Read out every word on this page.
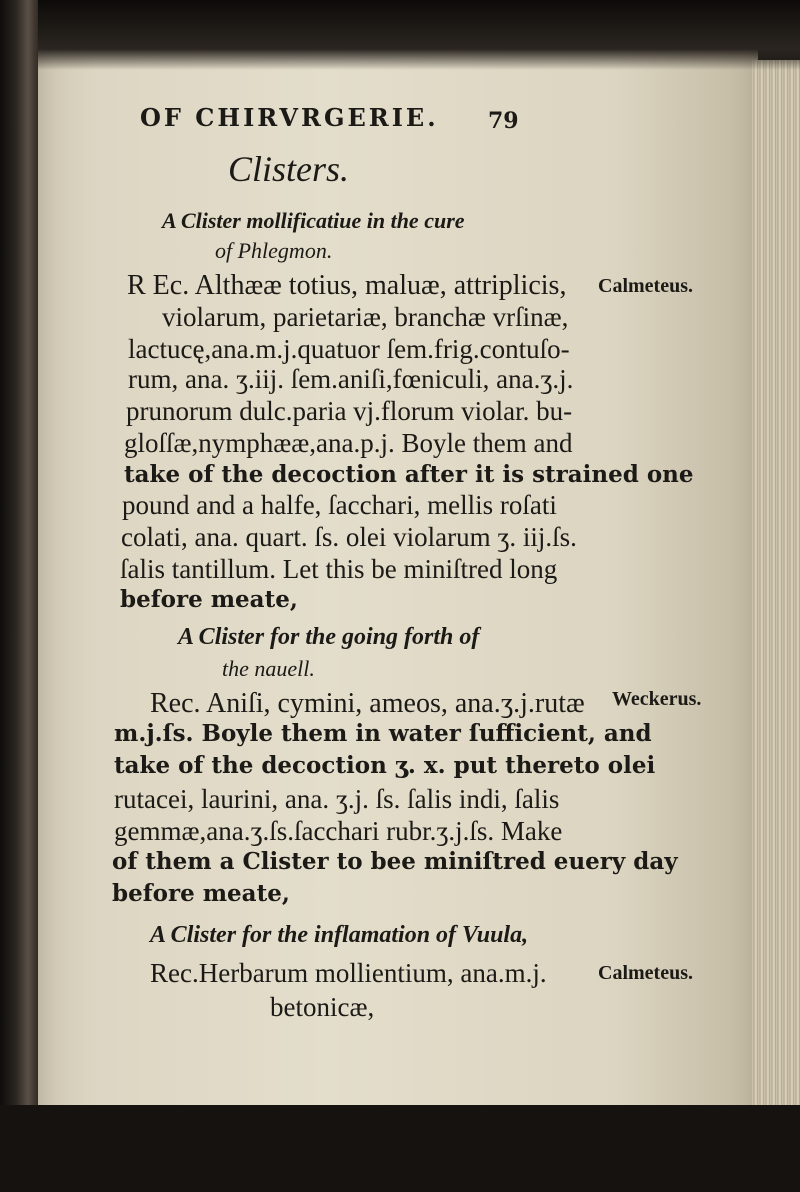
OF CHIRVRGERIE. 79
Clisters.
A Clister mollificatiue in the cure
of Phlegmon.
R Ec. Althææ totius, maluæ, attriplicis,
violarum, parietariæ, branchæ vrſinæ,
lactucę,ana.m.j.quatuor ſem.frig.contuſo-
rum, ana. ʒ.iij. ſem.aniſi,fœniculi, ana.ʒ.j.
prunorum dulc.paria vj.florum violar. bu-
gloſſæ,nymphææ,ana.p.j. Boyle them and
take of the decoction after it is strained one
pound and a halfe, ſacchari, mellis roſati
colati, ana. quart. ſs. olei violarum ʒ. iij.ſs.
ſalis tantillum. Let this be miniſtred long
before meate,
Calmeteus.
A Clister for the going forth of
the nauell.
Rec. Aniſi, cymini, ameos, ana.ʒ.j.rutæ
m.j.ſs. Boyle them in water ſufficient, and
take of the decoction ʒ. x. put thereto olei
rutacei, laurini, ana. ʒ.j. ſs. ſalis indi, ſalis
gemmæ,ana.ʒ.ſs.ſacchari rubr.ʒ.j.ſs. Make
of them a Clister to bee miniſtred euery day
before meate,
Weckerus.
A Clister for the inflamation of Vuula,
Rec.Herbarum mollientium, ana.m.j.
betonicæ,
Calmeteus.
